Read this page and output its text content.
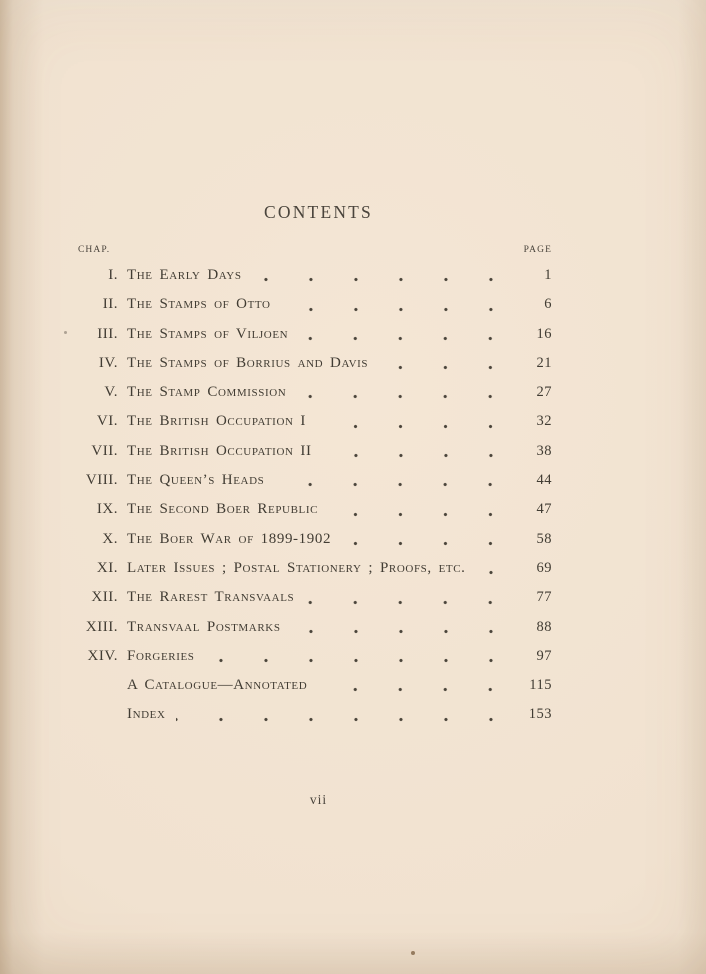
CONTENTS
CHAP.	PAGE
I. The Early Days	1
II. The Stamps of Otto	6
III. The Stamps of Viljoen	16
IV. The Stamps of Borrius and Davis	21
V. The Stamp Commission	27
VI. The British Occupation I	32
VII. The British Occupation II	38
VIII. The Queen’s Heads	44
IX. The Second Boer Republic	47
X. The Boer War of 1899-1902	58
XI. Later Issues ; Postal Stationery ; Proofs, etc.	69
XII. The Rarest Transvaals	77
XIII. Transvaal Postmarks	88
XIV. Forgeries	97
A Catalogue—Annotated	115
Index	153
vii
